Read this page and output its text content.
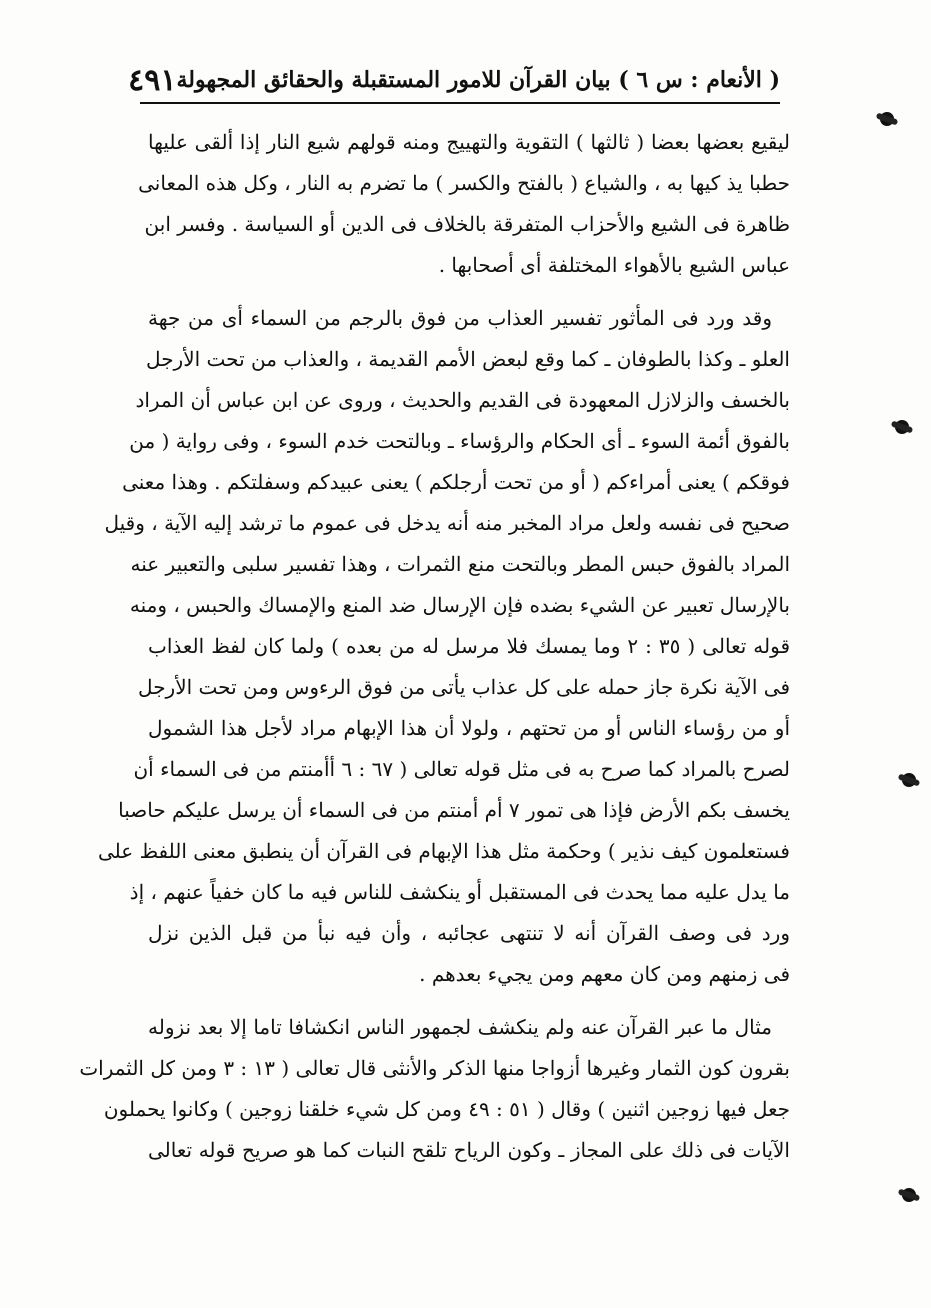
( الأنعام : س ٦ ) بيان القرآن للامور المستقبلة والحقائق المجهولة
٤٩١
ليقيع بعضها بعضا ( ثالثها ) التقوية والتهييج ومنه قولهم شيع النار إذا ألقى عليها
حطبا يذ كيها به ، والشياع ( بالفتح والكسر ) ما تضرم به النار ، وكل هذه المعانى
ظاهرة فى الشيع والأحزاب المتفرقة بالخلاف فى الدين أو السياسة . وفسر ابن
عباس الشيع بالأهواء المختلفة أى أصحابها .
وقد ورد فى المأثور تفسير العذاب من فوق بالرجم من السماء أى من جهة
العلو ـ وكذا بالطوفان ـ كما وقع لبعض الأمم القديمة ، والعذاب من تحت الأرجل
بالخسف والزلازل المعهودة فى القديم والحديث ، وروى عن ابن عباس أن المراد
بالفوق أئمة السوء ـ أى الحكام والرؤساء ـ وبالتحت خدم السوء ، وفى رواية ( من
فوقكم ) يعنى أمراءكم ( أو من تحت أرجلكم ) يعنى عبيدكم وسفلتكم . وهذا معنى
صحيح فى نفسه ولعل مراد المخبر منه أنه يدخل فى عموم ما ترشد إليه الآية ، وقيل
المراد بالفوق حبس المطر وبالتحت منع الثمرات ، وهذا تفسير سلبى والتعبير عنه
بالإرسال تعبير عن الشيء بضده فإن الإرسال ضد المنع والإمساك والحبس ، ومنه
قوله تعالى ( ٣٥ : ٢ وما يمسك فلا مرسل له من بعده ) ولما كان لفظ العذاب
فى الآية نكرة جاز حمله على كل عذاب يأتى من فوق الرءوس ومن تحت الأرجل
أو من رؤساء الناس أو من تحتهم ، ولولا أن هذا الإبهام مراد لأجل هذا الشمول
لصرح بالمراد كما صرح به فى مثل قوله تعالى ( ٦٧ : ٦ أأمنتم من فى السماء أن
يخسف بكم الأرض فإذا هى تمور ٧ أم أمنتم من فى السماء أن يرسل عليكم حاصبا
فستعلمون كيف نذير ) وحكمة مثل هذا الإبهام فى القرآن أن ينطبق معنى اللفظ على
ما يدل عليه مما يحدث فى المستقبل أو ينكشف للناس فيه ما كان خفياً عنهم ، إذ
ورد فى وصف القرآن أنه لا تنتهى عجائبه ، وأن فيه نبأ من قبل الذين نزل
فى زمنهم ومن كان معهم ومن يجيء بعدهم .
مثال ما عبر القرآن عنه ولم ينكشف لجمهور الناس انكشافا تاما إلا بعد نزوله
بقرون كون الثمار وغيرها أزواجا منها الذكر والأنثى قال تعالى ( ١٣ : ٣ ومن كل الثمرات
جعل فيها زوجين اثنين ) وقال ( ٥١ : ٤٩ ومن كل شيء خلقنا زوجين ) وكانوا يحملون
الآيات فى ذلك على المجاز ـ وكون الرياح تلقح النبات كما هو صريح قوله تعالى
